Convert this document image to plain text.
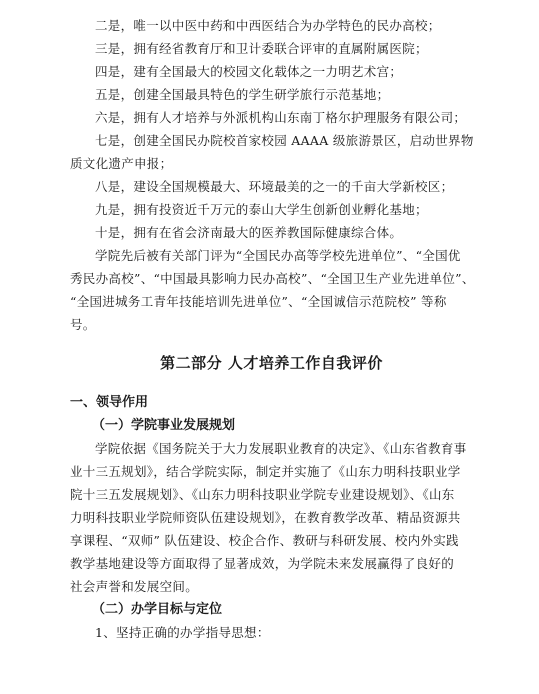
二是，唯一以中医中药和中西医结合为办学特色的民办高校；
三是，拥有经省教育厅和卫计委联合评审的直属附属医院；
四是，建有全国最大的校园文化载体之一力明艺术宫；
五是，创建全国最具特色的学生研学旅行示范基地；
六是，拥有人才培养与外派机构山东南丁格尔护理服务有限公司；
七是，创建全国民办院校首家校园 AAAA 级旅游景区，启动世界物
质文化遗产申报；
八是，建设全国规模最大、环境最美的之一的千亩大学新校区；
九是，拥有投资近千万元的泰山大学生创新创业孵化基地；
十是，拥有在省会济南最大的医养教国际健康综合体。
学院先后被有关部门评为“全国民办高等学校先进单位”、“全国优
秀民办高校”、“中国最具影响力民办高校”、“全国卫生产业先进单位”、
“全国进城务工青年技能培训先进单位”、“全国诚信示范院校” 等称
号。
第二部分 人才培养工作自我评价
一、领导作用
（一）学院事业发展规划
学院依据《国务院关于大力发展职业教育的决定》、《山东省教育事
业十三五规划》，结合学院实际，制定并实施了《山东力明科技职业学
院十三五发展规划》、《山东力明科技职业学院专业建设规划》、《山东
力明科技职业学院师资队伍建设规划》，在教育教学改革、精品资源共
享课程、“双师” 队伍建设、校企合作、教研与科研发展、校内外实践
教学基地建设等方面取得了显著成效，为学院未来发展赢得了良好的
社会声誉和发展空间。
（二）办学目标与定位
1、坚持正确的办学指导思想：
